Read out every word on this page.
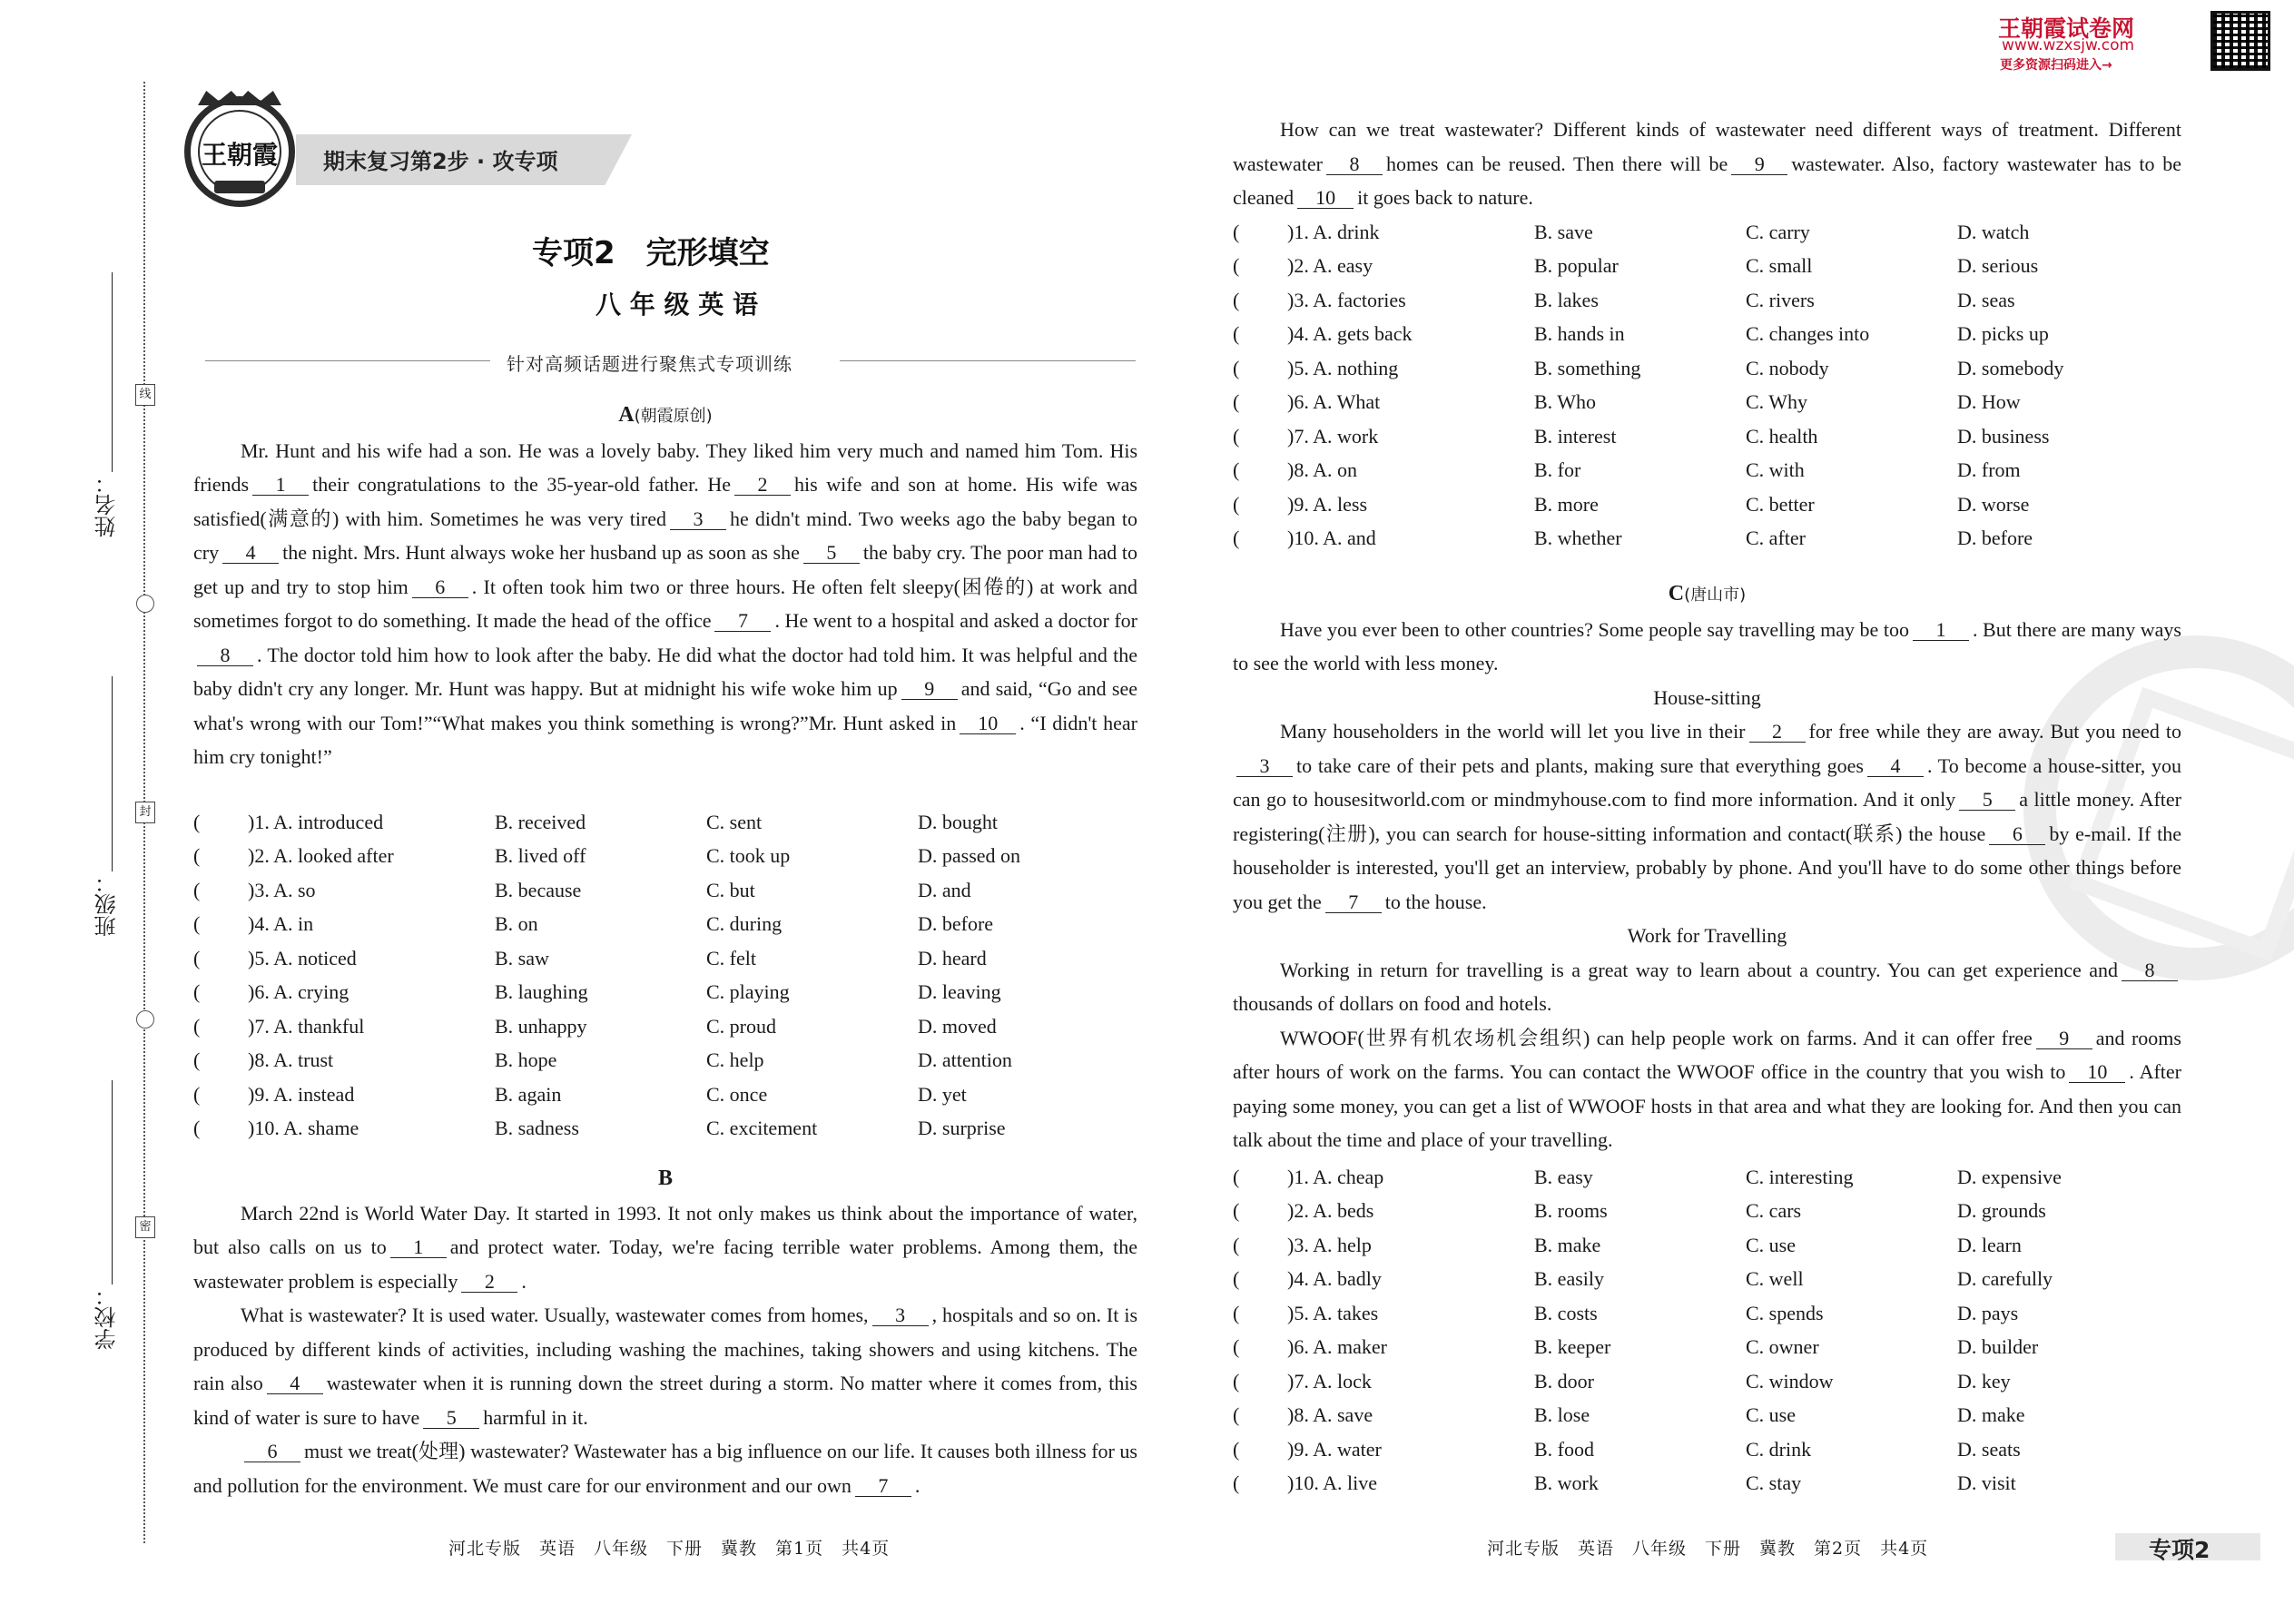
线
封
密
姓名：
班级：
学校：
王朝霞	期末复习第2步 · 攻专项
专项2　完形填空
八 年 级 英 语
针对高频话题进行聚焦式专项训练

A(朝霞原创)

Mr. Hunt and his wife had a son. He was a lovely baby. They liked him very much and named him Tom. His friends 1 their congratulations to the 35-year-old father. He 2 his wife and son at home. His wife was satisfied(满意的) with him. Sometimes he was very tired 3 he didn't mind. Two weeks ago the baby began to cry 4 the night. Mrs. Hunt always woke her husband up as soon as she 5 the baby cry. The poor man had to get up and try to stop him 6 . It often took him two or three hours. He often felt sleepy(困倦的) at work and sometimes forgot to do something. It made the head of the office 7 . He went to a hospital and asked a doctor for8 . The doctor told him how to look after the baby. He did what the doctor had told him. It was helpful and the baby didn't cry any longer. Mr. Hunt was happy. But at midnight his wife woke him up 9 and said, “Go and see what's wrong with our Tom!”“What makes you think something is wrong?”Mr. Hunt asked in 10 . “I didn't hear him cry tonight!”

(	)1. A. introduced	B. received	C. sent	D. bought
(	)2. A. looked after	B. lived off	C. took up	D. passed on
(	)3. A. so	B. because	C. but	D. and
(	)4. A. in	B. on	C. during	D. before
(	)5. A. noticed	B. saw	C. felt	D. heard
(	)6. A. crying	B. laughing	C. playing	D. leaving
(	)7. A. thankful	B. unhappy	C. proud	D. moved
(	)8. A. trust	B. hope	C. help	D. attention
(	)9. A. instead	B. again	C. once	D. yet
(	)10. A. shame	B. sadness	C. excitement	D. surprise

B

March 22nd is World Water Day. It started in 1993. It not only makes us think about the importance of water, but also calls on us to 1 and protect water. Today, we're facing terrible water problems. Among them, the wastewater problem is especially 2 .

What is wastewater? It is used water. Usually, wastewater comes from homes, 3 , hospitals and so on. It is produced by different kinds of activities, including washing the machines, taking showers and using kitchens. The rain also 4 wastewater when it is running down the street during a storm. No matter where it comes from, this kind of water is sure to have 5 harmful in it.

6 must we treat(处理) wastewater? Wastewater has a big influence on our life. It causes both illness for us and pollution for the environment. We must care for our environment and our own 7 .

河北专版　英语　八年级　下册　冀教　第1页　共4页
王朝霞试卷网
www.wzxsjw.com
更多资源扫码进入→

How can we treat wastewater? Different kinds of wastewater need different ways of treatment. Different wastewater 8 homes can be reused. Then there will be 9 wastewater. Also, factory wastewater has to be cleaned 10 it goes back to nature.

(	)1. A. drink	B. save	C. carry	D. watch
(	)2. A. easy	B. popular	C. small	D. serious
(	)3. A. factories	B. lakes	C. rivers	D. seas
(	)4. A. gets back	B. hands in	C. changes into	D. picks up
(	)5. A. nothing	B. something	C. nobody	D. somebody
(	)6. A. What	B. Who	C. Why	D. How
(	)7. A. work	B. interest	C. health	D. business
(	)8. A. on	B. for	C. with	D. from
(	)9. A. less	B. more	C. better	D. worse
(	)10. A. and	B. whether	C. after	D. before

C(唐山市)

Have you ever been to other countries? Some people say travelling may be too 1 . But there are many ways to see the world with less money.

House-sitting

Many householders in the world will let you live in their 2 for free while they are away. But you need to3 to take care of their pets and plants, making sure that everything goes 4 . To become a house-sitter, you can go to housesitworld.com or mindmyhouse.com to find more information. And it only 5 a little money. After registering(注册), you can search for house-sitting information and contact(联系) the house 6 by e-mail. If the householder is interested, you'll get an interview, probably by phone. And you'll have to do some other things before you get the 7 to the house.

Work for Travelling

Working in return for travelling is a great way to learn about a country. You can get experience and 8thousands of dollars on food and hotels.

WWOOF(世界有机农场机会组织) can help people work on farms. And it can offer free 9 and rooms after hours of work on the farms. You can contact the WWOOF office in the country that you wish to 10 . After paying some money, you can get a list of WWOOF hosts in that area and what they are looking for. And then you can talk about the time and place of your travelling.

(	)1. A. cheap	B. easy	C. interesting	D. expensive
(	)2. A. beds	B. rooms	C. cars	D. grounds
(	)3. A. help	B. make	C. use	D. learn
(	)4. A. badly	B. easily	C. well	D. carefully
(	)5. A. takes	B. costs	C. spends	D. pays
(	)6. A. maker	B. keeper	C. owner	D. builder
(	)7. A. lock	B. door	C. window	D. key
(	)8. A. save	B. lose	C. use	D. make
(	)9. A. water	B. food	C. drink	D. seats
(	)10. A. live	B. work	C. stay	D. visit
河北专版　英语　八年级　下册　冀教　第2页　共4页	专项2
